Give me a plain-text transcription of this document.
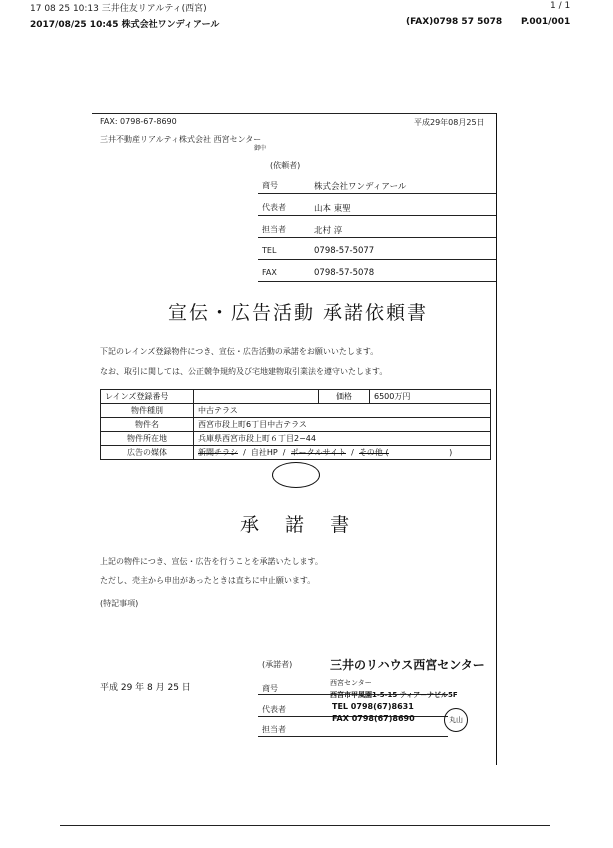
17 08 25 10:13 三井住友リアルティ(西宮)	1 / 1
2017/08/25 10:45 株式会社ワンディアール	(FAX)0798 57 5078 P.001/001
FAX: 0798-67-8690	平成29年08月25日
三井不動産リアルティ株式会社 西宮センター
御中
(依頼者)
商号	株式会社ワンディアール
代表者	山本 東聖
担当者	北村 淳
TEL	0798-57-5077
FAX	0798-57-5078
宣伝・広告活動 承諾依頼書
下記のレインズ登録物件につき、宣伝・広告活動の承諾をお願いいたします。
なお、取引に関しては、公正競争規約及び宅地建物取引業法を遵守いたします。
レインズ登録番号		価格	6500万円
物件種別	中古テラス		
物件名	西宮市段上町6丁目中古テラス		
物件所在地	兵庫県西宮市段上町６丁目2−44		
広告の媒体	新聞チラシ  /  自社HP  /  ポータルサイト  /  その他 ( )		
承 諾 書
上記の物件につき、宣伝・広告を行うことを承諾いたします。
ただし、売主から申出があったときは直ちに中止願います。
(特記事項)
平成 29 年 8 月 25 日
(承諾者)	三井のリハウス西宮センター
商号
西宮センター
代表者
西宮市甲風園1-5-15 ティアーナビル5F
TEL 0798(67)8631
担当者
FAX 0798(67)8690	丸山
